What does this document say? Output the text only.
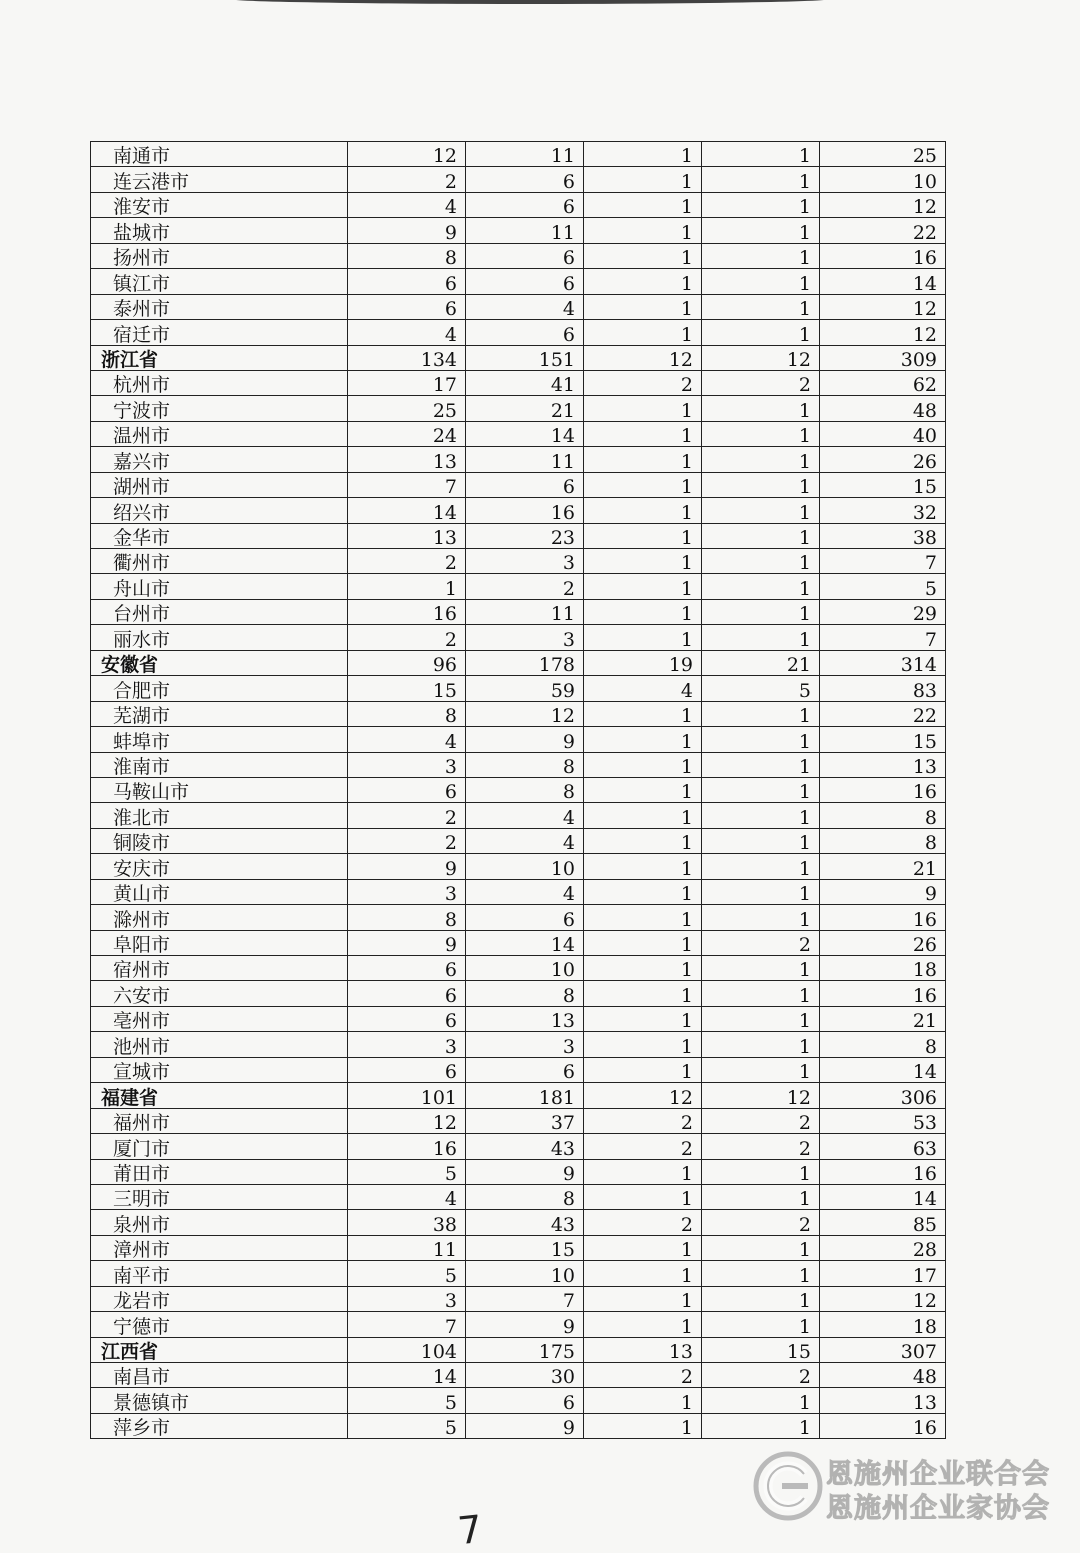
南通市	12	11	1	1	25
连云港市	2	6	1	1	10
淮安市	4	6	1	1	12
盐城市	9	11	1	1	22
扬州市	8	6	1	1	16
镇江市	6	6	1	1	14
泰州市	6	4	1	1	12
宿迁市	4	6	1	1	12
浙江省	134	151	12	12	309
杭州市	17	41	2	2	62
宁波市	25	21	1	1	48
温州市	24	14	1	1	40
嘉兴市	13	11	1	1	26
湖州市	7	6	1	1	15
绍兴市	14	16	1	1	32
金华市	13	23	1	1	38
衢州市	2	3	1	1	7
舟山市	1	2	1	1	5
台州市	16	11	1	1	29
丽水市	2	3	1	1	7
安徽省	96	178	19	21	314
合肥市	15	59	4	5	83
芜湖市	8	12	1	1	22
蚌埠市	4	9	1	1	15
淮南市	3	8	1	1	13
马鞍山市	6	8	1	1	16
淮北市	2	4	1	1	8
铜陵市	2	4	1	1	8
安庆市	9	10	1	1	21
黄山市	3	4	1	1	9
滁州市	8	6	1	1	16
阜阳市	9	14	1	2	26
宿州市	6	10	1	1	18
六安市	6	8	1	1	16
亳州市	6	13	1	1	21
池州市	3	3	1	1	8
宣城市	6	6	1	1	14
福建省	101	181	12	12	306
福州市	12	37	2	2	53
厦门市	16	43	2	2	63
莆田市	5	9	1	1	16
三明市	4	8	1	1	14
泉州市	38	43	2	2	85
漳州市	11	15	1	1	28
南平市	5	10	1	1	17
龙岩市	3	7	1	1	12
宁德市	7	9	1	1	18
江西省	104	175	13	15	307
南昌市	14	30	2	2	48
景德镇市	5	6	1	1	13
萍乡市	5	9	1	1	16
7
恩施州企业联合会
恩施州企业家协会
